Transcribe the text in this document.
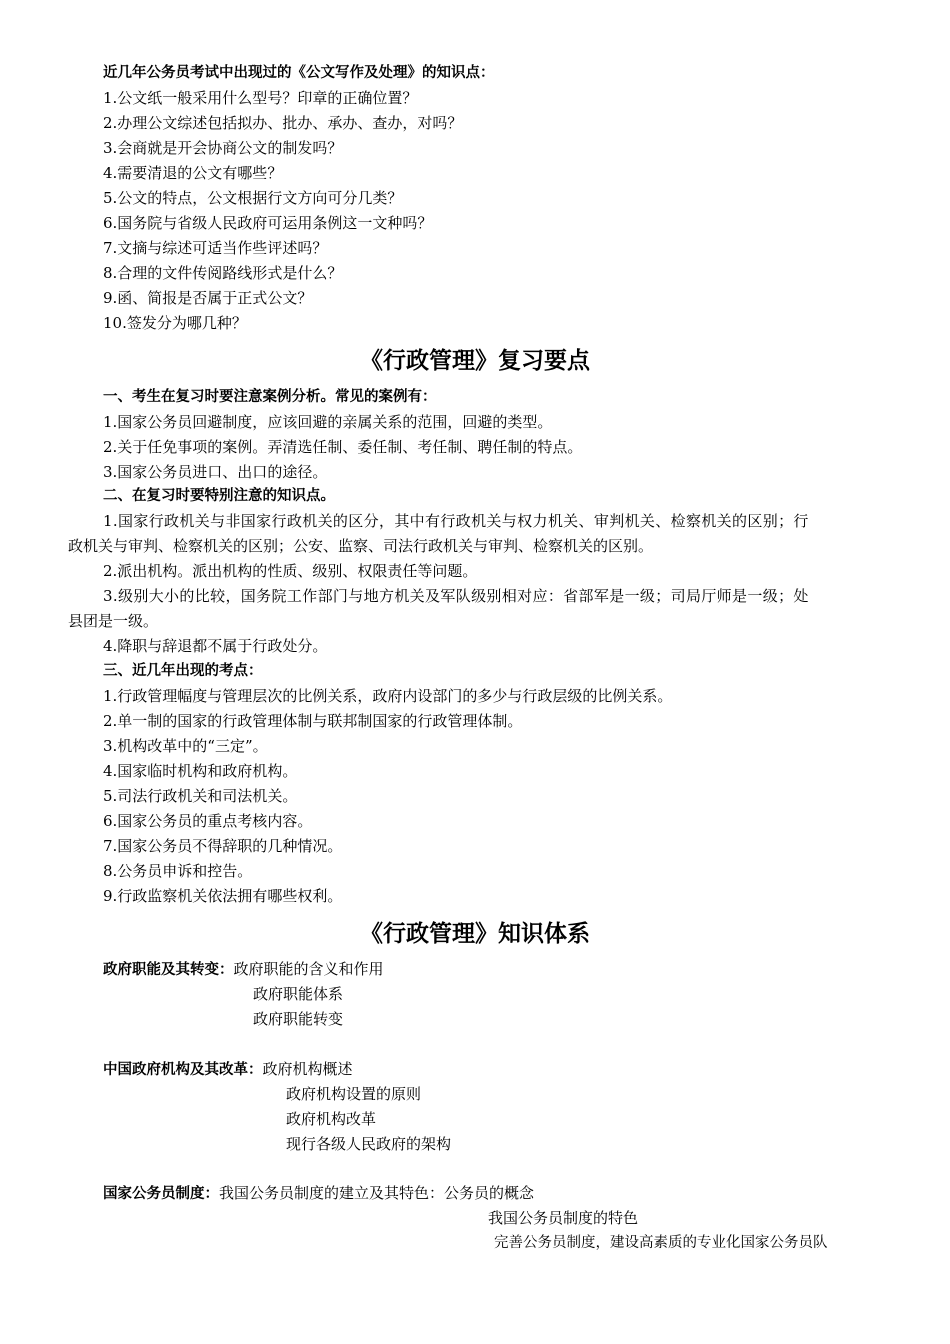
近几年公务员考试中出现过的《公文写作及处理》的知识点：
1.公文纸一般采用什么型号？印章的正确位置？
2.办理公文综述包括拟办、批办、承办、查办，对吗？
3.会商就是开会协商公文的制发吗？
4.需要清退的公文有哪些？
5.公文的特点，公文根据行文方向可分几类？
6.国务院与省级人民政府可运用条例这一文种吗？
7.文摘与综述可适当作些评述吗？
8.合理的文件传阅路线形式是什么？
9.函、简报是否属于正式公文？
10.签发分为哪几种？
《行政管理》复习要点
一、考生在复习时要注意案例分析。常见的案例有：
1.国家公务员回避制度，应该回避的亲属关系的范围，回避的类型。
2.关于任免事项的案例。弄清选任制、委任制、考任制、聘任制的特点。
3.国家公务员进口、出口的途径。
二、在复习时要特别注意的知识点。
1.国家行政机关与非国家行政机关的区分，其中有行政机关与权力机关、审判机关、检察机关的区别；行
政机关与审判、检察机关的区别；公安、监察、司法行政机关与审判、检察机关的区别。
2.派出机构。派出机构的性质、级别、权限责任等问题。
3.级别大小的比较，国务院工作部门与地方机关及军队级别相对应：省部军是一级；司局厅师是一级；处
县团是一级。
4.降职与辞退都不属于行政处分。
三、近几年出现的考点：
1.行政管理幅度与管理层次的比例关系，政府内设部门的多少与行政层级的比例关系。
2.单一制的国家的行政管理体制与联邦制国家的行政管理体制。
3.机构改革中的“三定”。
4.国家临时机构和政府机构。
5.司法行政机关和司法机关。
6.国家公务员的重点考核内容。
7.国家公务员不得辞职的几种情况。
8.公务员申诉和控告。
9.行政监察机关依法拥有哪些权利。
《行政管理》知识体系
政府职能及其转变：政府职能的含义和作用
政府职能体系
政府职能转变
中国政府机构及其改革：政府机构概述
政府机构设置的原则
政府机构改革
现行各级人民政府的架构
国家公务员制度：我国公务员制度的建立及其特色：公务员的概念
我国公务员制度的特色
完善公务员制度，建设高素质的专业化国家公务员队
